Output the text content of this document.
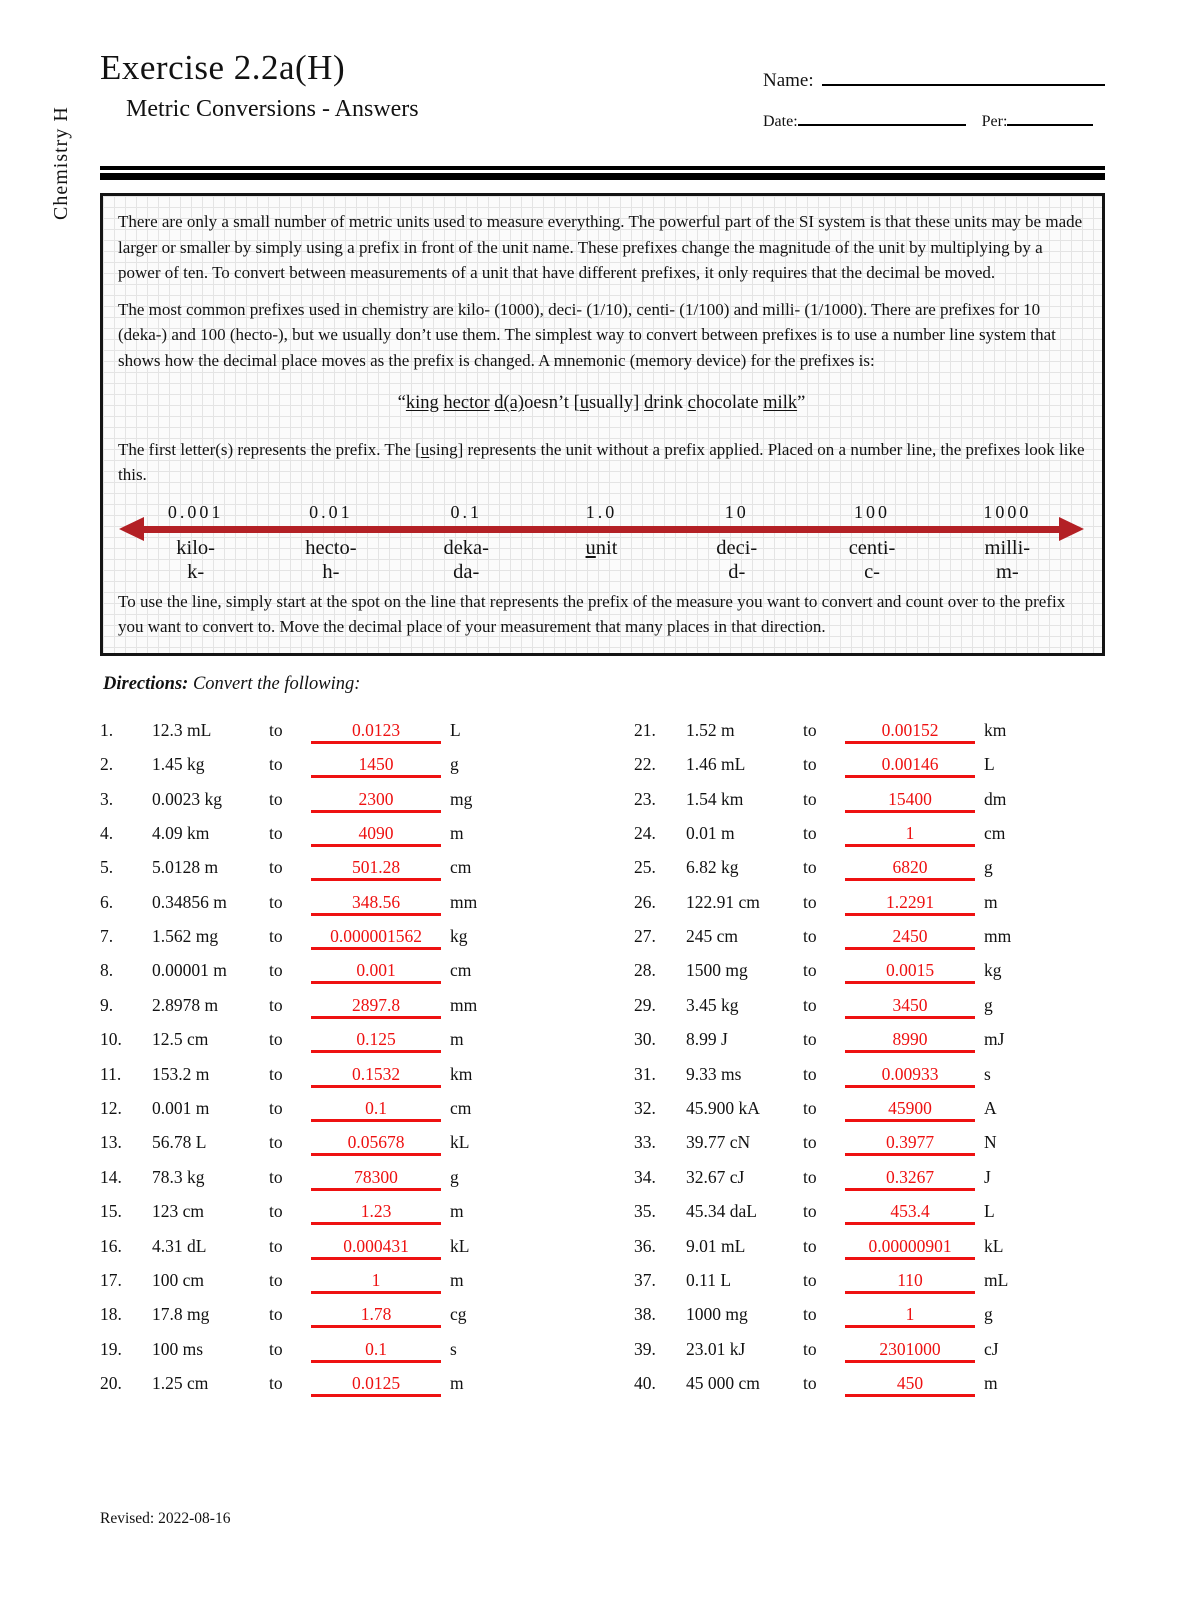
Chemistry H
Exercise 2.2a(H)
Metric Conversions - Answers
Name:
Date:	Per:

There are only a small number of metric units used to measure everything. The powerful part of the SI system is that these units may be made larger or smaller by simply using a prefix in front of the unit name. These prefixes change the magnitude of the unit by multiplying by a power of ten. To convert between measurements of a unit that have different prefixes, it only requires that the decimal be moved.

The most common prefixes used in chemistry are kilo- (1000), deci- (1/10), centi- (1/100) and milli- (1/1000). There are prefixes for 10 (deka-) and 100 (hecto-), but we usually don’t use them. The simplest way to convert between prefixes is to use a number line system that shows how the decimal place moves as the prefix is changed. A mnemonic (memory device) for the prefixes is:

“king hector d(a)oesn’t [usually] drink chocolate milk”

The first letter(s) represents the prefix. The [using] represents the unit without a prefix applied. Placed on a number line, the prefixes look like this.

0.001
kilo-
k-
0.01
hecto-
h-
0.1
deka-
da-
1.0
unit
10
deci-
d-
100
centi-
c-
1000
milli-
m-

To use the line, simply start at the spot on the line that represents the prefix of the measure you want to convert and count over to the prefix you want to convert to. Move the decimal place of your measurement that many places in that direction.

Directions: Convert the following:
1.	12.3 mL	to	0.0123	L
2.	1.45 kg	to	1450	g
3.	0.0023 kg	to	2300	mg
4.	4.09 km	to	4090	m
5.	5.0128 m	to	501.28	cm
6.	0.34856 m	to	348.56	mm
7.	1.562 mg	to	0.000001562	kg
8.	0.00001 m	to	0.001	cm
9.	2.8978 m	to	2897.8	mm
10.	12.5 cm	to	0.125	m
11.	153.2 m	to	0.1532	km
12.	0.001 m	to	0.1	cm
13.	56.78 L	to	0.05678	kL
14.	78.3 kg	to	78300	g
15.	123 cm	to	1.23	m
16.	4.31 dL	to	0.000431	kL
17.	100 cm	to	1	m
18.	17.8 mg	to	1.78	cg
19.	100 ms	to	0.1	s
20.	1.25 cm	to	0.0125	m
21.	1.52 m	to	0.00152	km
22.	1.46 mL	to	0.00146	L
23.	1.54 km	to	15400	dm
24.	0.01 m	to	1	cm
25.	6.82 kg	to	6820	g
26.	122.91 cm	to	1.2291	m
27.	245 cm	to	2450	mm
28.	1500 mg	to	0.0015	kg
29.	3.45 kg	to	3450	g
30.	8.99 J	to	8990	mJ
31.	9.33 ms	to	0.00933	s
32.	45.900 kA	to	45900	A
33.	39.77 cN	to	0.3977	N
34.	32.67 cJ	to	0.3267	J
35.	45.34 daL	to	453.4	L
36.	9.01 mL	to	0.00000901	kL
37.	0.11 L	to	110	mL
38.	1000 mg	to	1	g
39.	23.01 kJ	to	2301000	cJ
40.	45 000 cm	to	450	m
Revised: 2022-08-16
